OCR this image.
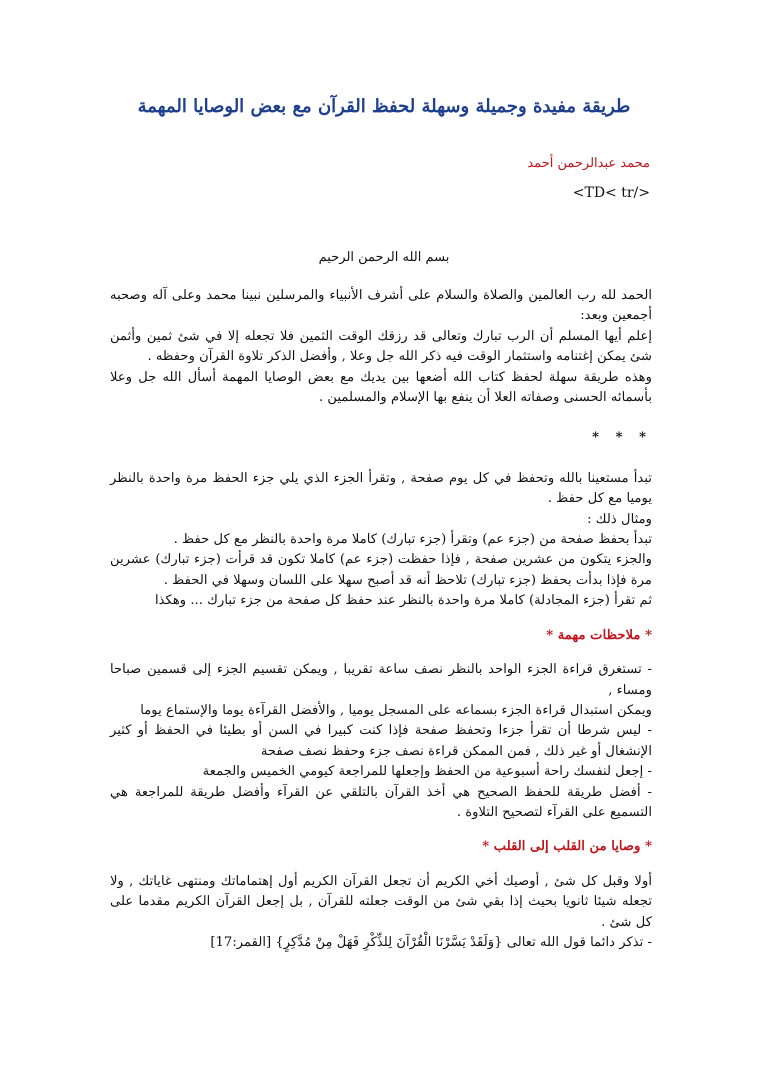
طريقة مفيدة وجميلة وسهلة لحفظ القرآن مع بعض الوصايا المهمة

محمد عبدالرحمن أحمد

<TD< tr/>

بسم الله الرحمن الرحيم

الحمد لله رب العالمين والصلاة والسلام على أشرف الأنبياء والمرسلين نبينا محمد وعلى آله وصحبه أجمعين وبعد:

إعلم أيها المسلم أن الرب تبارك وتعالى قد رزقك الوقت الثمين فلا تجعله إلا في شئ ثمين وأثمن شئ يمكن إغتنامه واستثمار الوقت فيه ذكر الله جل وعلا , وأفضل الذكر تلاوة القرآن وحفظه .

وهذه طريقة سهلة لحفظ كتاب الله أضعها بين يديك مع بعض الوصايا المهمة أسأل الله جل وعلا بأسمائه الحسنى وصفاته العلا أن ينفع بها الإسلام والمسلمين .

* * *

تبدأ مستعينا بالله وتحفظ في كل يوم صفحة , وتقرأ الجزء الذي يلي جزء الحفظ مرة واحدة بالنظر يوميا مع كل حفظ .

ومثال ذلك :

تبدأ بحفظ صفحة من (جزء عم) وتقرأ (جزء تبارك) كاملا مرة واحدة بالنظر مع كل حفظ .

والجزء يتكون من عشرين صفحة , فإذا حفظت (جزء عم) كاملا تكون قد قرأت (جزء تبارك) عشرين مرة فإذا بدأت بحفظ (جزء تبارك) تلاحظ أنه قد أصبح سهلا على اللسان وسهلا في الحفظ .

ثم تقرأ (جزء المجادلة) كاملا مرة واحدة بالنظر عند حفظ كل صفحة من جزء تبارك ... وهكذا

* ملاحظات مهمة *

- تستغرق قراءة الجزء الواحد بالنظر نصف ساعة تقريبا , ويمكن تقسيم الجزء إلى قسمين صباحا ومساء ,

ويمكن استبدال قراءة الجزء بسماعه على المسجل يوميا , والأفضل القرآءة يوما والإستماع يوما

- ليس شرطا أن تقرأ جزءا وتحفظ صفحة فإذا كنت كبيرا في السن أو بطيئا في الحفظ أو كثير الإنشغال أو غير ذلك , فمن الممكن قراءة نصف جزء وحفظ نصف صفحة

- إجعل لنفسك راحة أسبوعية من الحفظ وإجعلها للمراجعة كيومي الخميس والجمعة

- أفضل طريقة للحفظ الصحيح هي أخذ القرآن بالتلقي عن القرآء وأفضل طريقة للمراجعة هي التسميع على القرآء لتصحيح التلاوة .

* وصايا من القلب إلى القلب *

أولا وقبل كل شئ , أوصيك أخي الكريم أن تجعل القرآن الكريم أول إهتماماتك ومنتهى غاياتك , ولا تجعله شيئا ثانويا بحيث إذا بقي شئ من الوقت جعلته للقرآن , بل إجعل القرآن الكريم مقدما على كل شئ .

- تذكر دائما قول الله تعالى {وَلَقَدْ يَسَّرْنَا الْقُرْآنَ لِلذِّكْرِ فَهَلْ مِنْ مُدَّكِرٍ} [القمر:17]
